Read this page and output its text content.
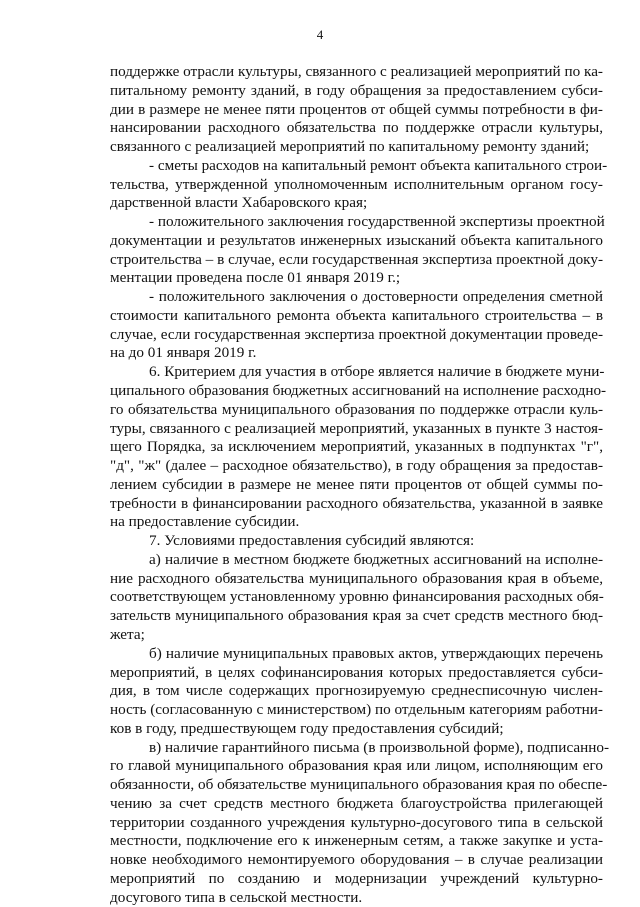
4
поддержке отрасли культуры, связанного с реализацией мероприятий по ка-
питальному ремонту зданий, в году обращения за предоставлением субси-
дии в размере не менее пяти процентов от общей суммы потребности в фи-
нансировании расходного обязательства по поддержке отрасли культуры,
связанного с реализацией мероприятий по капитальному ремонту зданий;
- сметы расходов на капитальный ремонт объекта капитального строи-
тельства, утвержденной уполномоченным исполнительным органом госу-
дарственной власти Хабаровского края;
- положительного заключения государственной экспертизы проектной
документации и результатов инженерных изысканий объекта капитального
строительства – в случае, если государственная экспертиза проектной доку-
ментации проведена после 01 января 2019 г.;
- положительного заключения о достоверности определения сметной
стоимости капитального ремонта объекта капитального строительства – в
случае, если государственная экспертиза проектной документации проведе-
на до 01 января 2019 г.
6. Критерием для участия в отборе является наличие в бюджете муни-
ципального образования бюджетных ассигнований на исполнение расходно-
го обязательства муниципального образования по поддержке отрасли куль-
туры, связанного с реализацией мероприятий, указанных в пункте 3 настоя-
щего Порядка, за исключением мероприятий, указанных в подпунктах "г",
"д", "ж" (далее – расходное обязательство), в году обращения за предостав-
лением субсидии в размере не менее пяти процентов от общей суммы по-
требности в финансировании расходного обязательства, указанной в заявке
на предоставление субсидии.
7. Условиями предоставления субсидий являются:
а) наличие в местном бюджете бюджетных ассигнований на исполне-
ние расходного обязательства муниципального образования края в объеме,
соответствующем установленному уровню финансирования расходных обя-
зательств муниципального образования края за счет средств местного бюд-
жета;
б) наличие муниципальных правовых актов, утверждающих перечень
мероприятий, в целях софинансирования которых предоставляется субси-
дия, в том числе содержащих прогнозируемую среднесписочную числен-
ность (согласованную с министерством) по отдельным категориям работни-
ков в году, предшествующем году предоставления субсидий;
в) наличие гарантийного письма (в произвольной форме), подписанно-
го главой муниципального образования края или лицом, исполняющим его
обязанности, об обязательстве муниципального образования края по обеспе-
чению за счет средств местного бюджета благоустройства прилегающей
территории созданного учреждения культурно-досугового типа в сельской
местности, подключение его к инженерным сетям, а также закупке и уста-
новке необходимого немонтируемого оборудования – в случае реализации
мероприятий по созданию и модернизации учреждений культурно-
досугового типа в сельской местности.
